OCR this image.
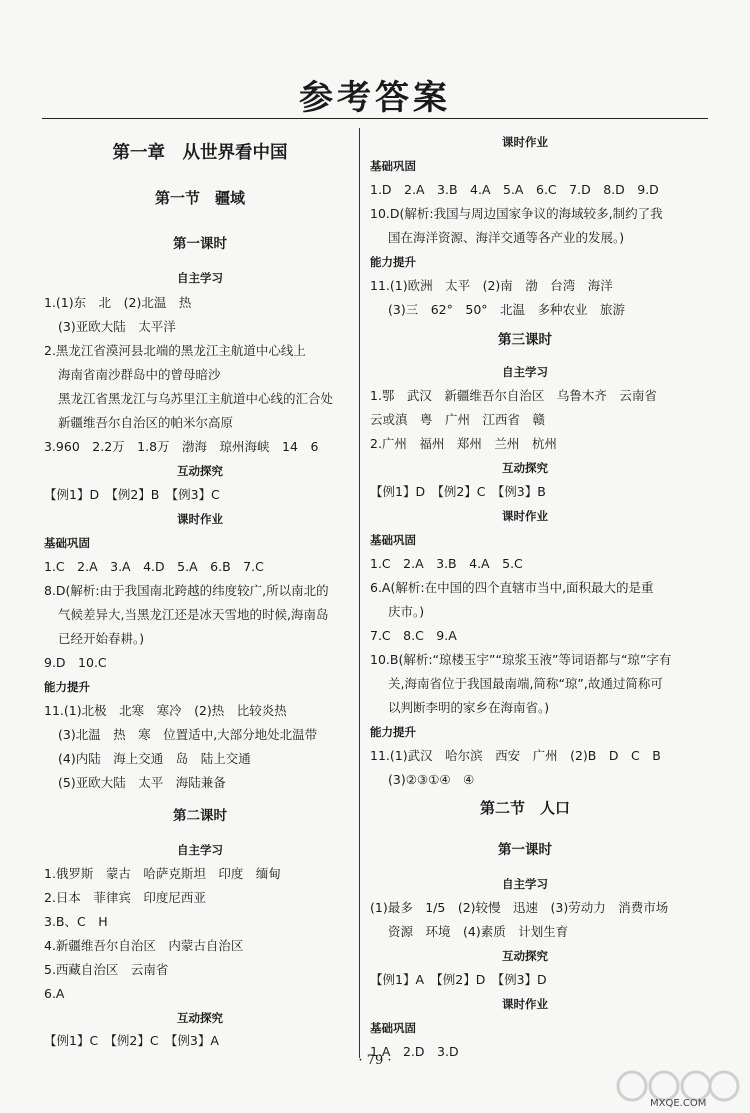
参考答案
第一章　从世界看中国
第一节　疆域
第一课时
自主学习
1.(1)东　北　(2)北温　热
(3)亚欧大陆　太平洋
2.黑龙江省漠河县北端的黑龙江主航道中心线上
海南省南沙群岛中的曾母暗沙
黑龙江省黑龙江与乌苏里江主航道中心线的汇合处
新疆维吾尔自治区的帕米尔高原
3.960　2.2万　1.8万　渤海　琼州海峡　14　6
互动探究
【例1】D　【例2】B　【例3】C
课时作业
基础巩固
1.C　2.A　3.A　4.D　5.A　6.B　7.C
8.D(解析:由于我国南北跨越的纬度较广,所以南北的
气候差异大,当黑龙江还是冰天雪地的时候,海南岛
已经开始春耕。)
9.D　10.C
能力提升
11.(1)北极　北寒　寒冷　(2)热　比较炎热
(3)北温　热　寒　位置适中,大部分地处北温带
(4)内陆　海上交通　岛　陆上交通
(5)亚欧大陆　太平　海陆兼备
第二课时
自主学习
1.俄罗斯　蒙古　哈萨克斯坦　印度　缅甸
2.日本　菲律宾　印度尼西亚
3.B、C　H
4.新疆维吾尔自治区　内蒙古自治区
5.西藏自治区　云南省
6.A
互动探究
【例1】C　【例2】C　【例3】A
课时作业
基础巩固
1.D　2.A　3.B　4.A　5.A　6.C　7.D　8.D　9.D
10.D(解析:我国与周边国家争议的海域较多,制约了我
国在海洋资源、海洋交通等各产业的发展。)
能力提升
11.(1)欧洲　太平　(2)南　渤　台湾　海洋
(3)三　62°　50°　北温　多种农业　旅游
第三课时
自主学习
1.鄂　武汉　新疆维吾尔自治区　乌鲁木齐　云南省
云或滇　粤　广州　江西省　赣
2.广州　福州　郑州　兰州　杭州
互动探究
【例1】D　【例2】C　【例3】B
课时作业
基础巩固
1.C　2.A　3.B　4.A　5.C
6.A(解析:在中国的四个直辖市当中,面积最大的是重
庆市。)
7.C　8.C　9.A
10.B(解析:“琼楼玉宇”“琼浆玉液”等词语都与“琼”字有
关,海南省位于我国最南端,简称“琼”,故通过简称可
以判断李明的家乡在海南省。)
能力提升
11.(1)武汉　哈尔滨　西安　广州　(2)B　D　C　B
(3)②③①④　④
第二节　人口
第一课时
自主学习
(1)最多　1/5　(2)较慢　迅速　(3)劳动力　消费市场
资源　环境　(4)素质　计划生育
互动探究
【例1】A　【例2】D　【例3】D
课时作业
基础巩固
1.A　2.D　3.D
· 79 ·
MXQE.COM
